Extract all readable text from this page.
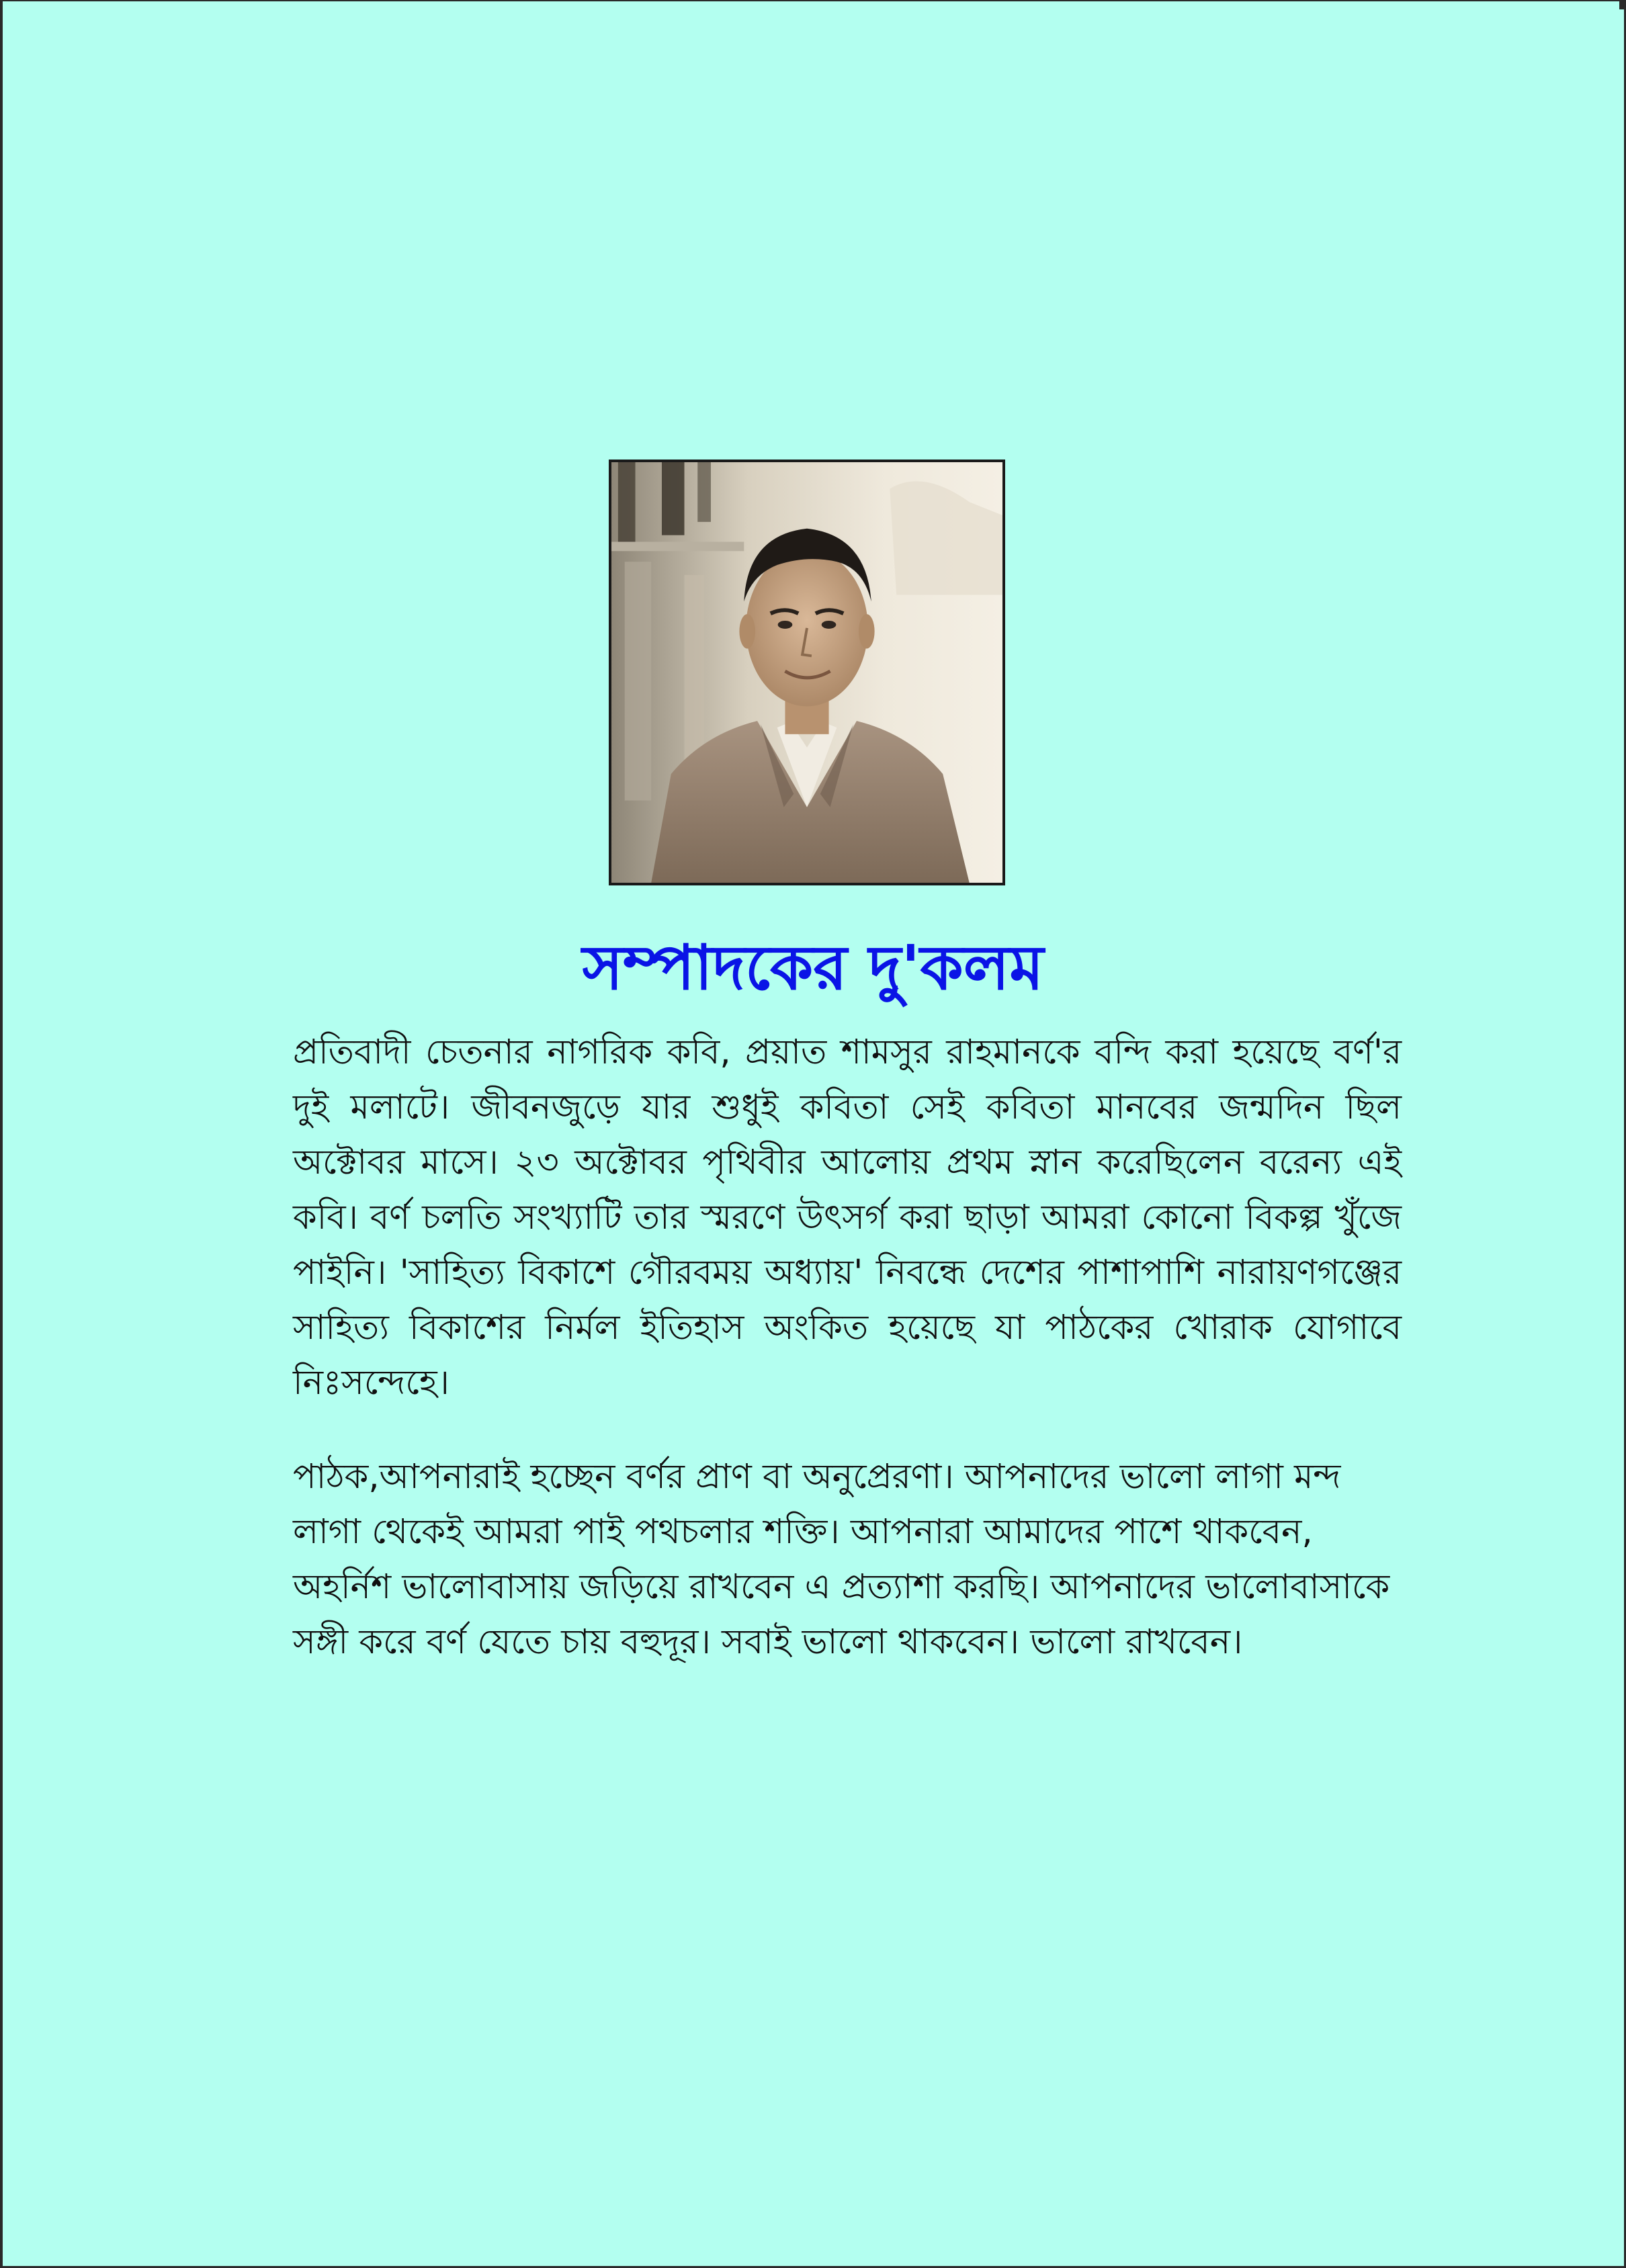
সম্পাদকের দু'কলম

প্রতিবাদী চেতনার নাগরিক কবি, প্রয়াত শামসুর রাহমানকে বন্দি করা হয়েছে বর্ণ'র দুই মলাটে। জীবনজুড়ে যার শুধুই কবিতা সেই কবিতা মানবের জন্মদিন ছিল অক্টোবর মাসে। ২৩ অক্টোবর পৃথিবীর আলোয় প্রথম স্নান করেছিলেন বরেন্য এই কবি। বর্ণ চলতি সংখ্যাটি তার স্মরণে উৎসর্গ করা ছাড়া আমরা কোনো বিকল্প খুঁজে পাইনি। 'সাহিত্য বিকাশে গৌরবময় অধ্যায়' নিবন্ধে দেশের পাশাপাশি নারায়ণগঞ্জের সাহিত্য বিকাশের নির্মল ইতিহাস অংকিত হয়েছে যা পাঠকের খোরাক যোগাবে নিঃসন্দেহে।

পাঠক,আপনারাই হচ্ছেন বর্ণর প্রাণ বা অনুপ্রেরণা। আপনাদের ভালো লাগা মন্দ লাগা থেকেই আমরা পাই পথচলার শক্তি। আপনারা আমাদের পাশে থাকবেন, অহর্নিশ ভালোবাসায় জড়িয়ে রাখবেন এ প্রত্যাশা করছি। আপনাদের ভালোবাসাকে সঙ্গী করে বর্ণ যেতে চায় বহুদূর। সবাই ভালো থাকবেন। ভালো রাখবেন।
